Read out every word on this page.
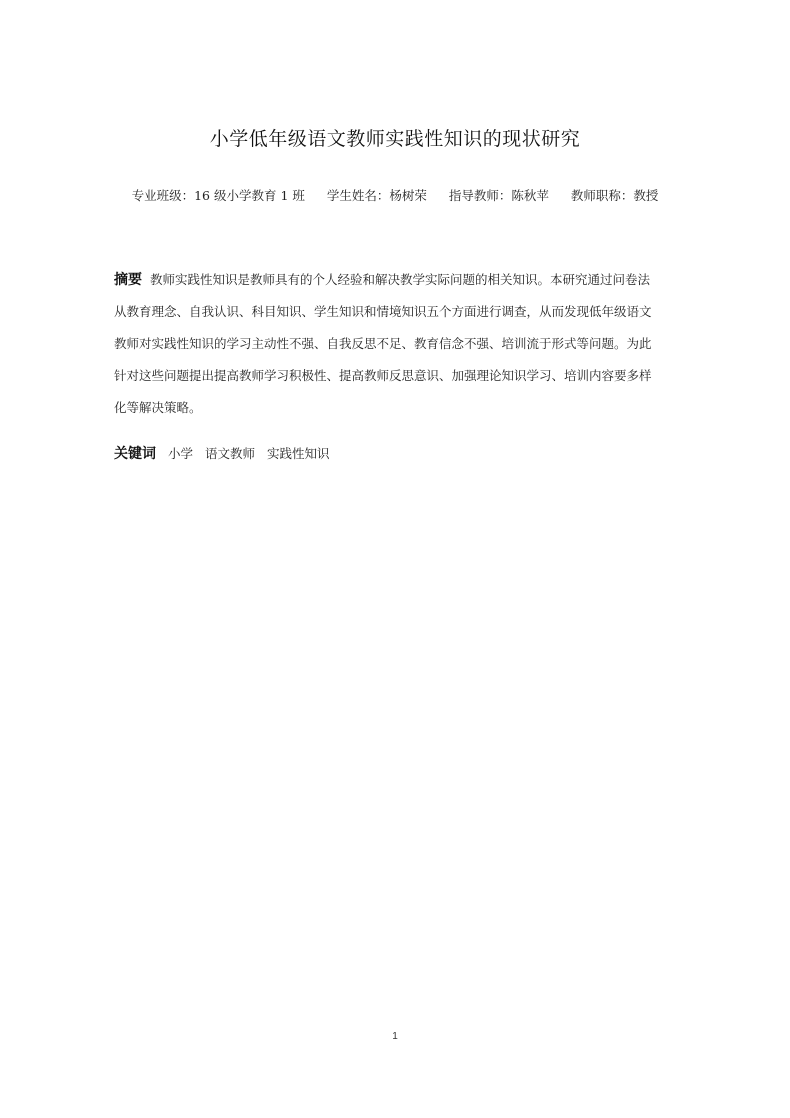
小学低年级语文教师实践性知识的现状研究
专业班级：16 级小学教育 1 班 学生姓名：杨树荣 指导教师：陈秋苹 教师职称：教授
摘要 教师实践性知识是教师具有的个人经验和解决教学实际问题的相关知识。本研究通过问卷法
从教育理念、自我认识、科目知识、学生知识和情境知识五个方面进行调查，从而发现低年级语文
教师对实践性知识的学习主动性不强、自我反思不足、教育信念不强、培训流于形式等问题。为此
针对这些问题提出提高教师学习积极性、提高教师反思意识、加强理论知识学习、培训内容要多样
化等解决策略。
关键词 小学 语文教师 实践性知识
1
